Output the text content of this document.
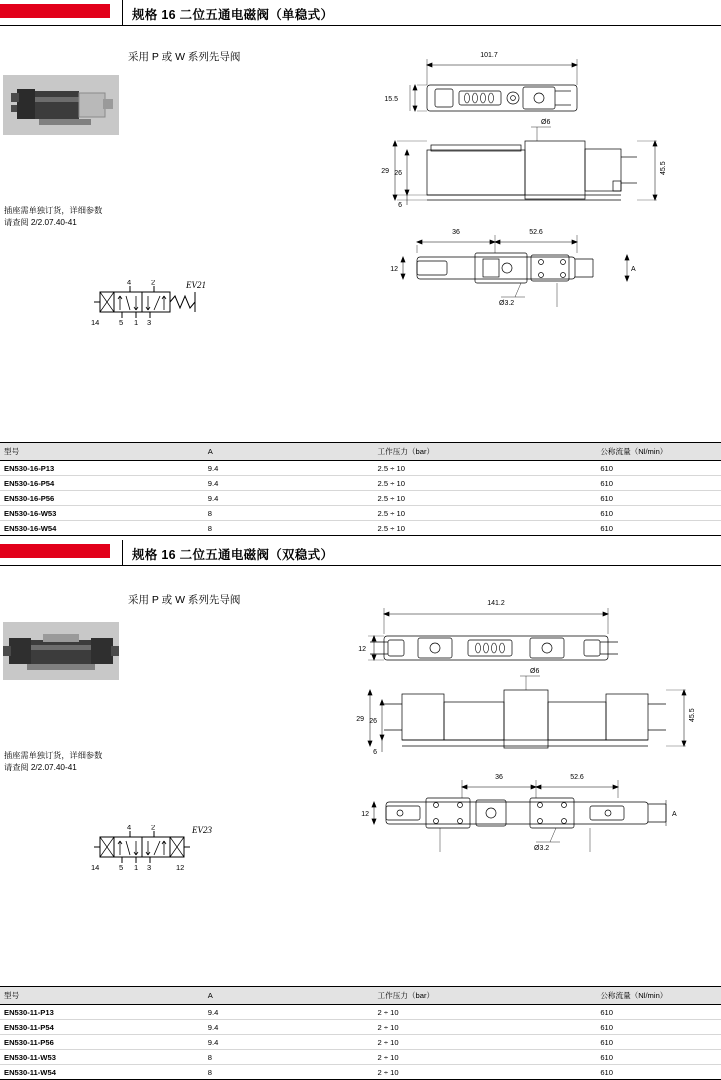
规格 16 二位五通电磁阀（单稳式）
采用 P 或 W 系列先导阀
插座需单独订货，详细参数
请查阅 2/2.07.40-41
4	2
14	5 1 3
EV21
101.7
15.5
Ø6
29 26
6
45.5
36	52.6
12
Ø3.2
A
型号	A	工作压力（bar）	公称流量（Nl/min）
EN530-16-P13	9.4	2.5 ÷ 10	610
EN530-16-P54	9.4	2.5 ÷ 10	610
EN530-16-P56	9.4	2.5 ÷ 10	610
EN530-16-W53	8	2.5 ÷ 10	610
EN530-16-W54	8	2.5 ÷ 10	610
规格 16 二位五通电磁阀（双稳式）
采用 P 或 W 系列先导阀
插座需单独订货，详细参数
请查阅 2/2.07.40-41
4	2
14	5 1 3	12
EV23
141.2
12
Ø6
29 26
6
45.5
36	52.6
12
Ø3.2
A
型号	A	工作压力（bar）	公称流量（Nl/min）
EN530-11-P13	9.4	2 ÷ 10	610
EN530-11-P54	9.4	2 ÷ 10	610
EN530-11-P56	9.4	2 ÷ 10	610
EN530-11-W53	8	2 ÷ 10	610
EN530-11-W54	8	2 ÷ 10	610
